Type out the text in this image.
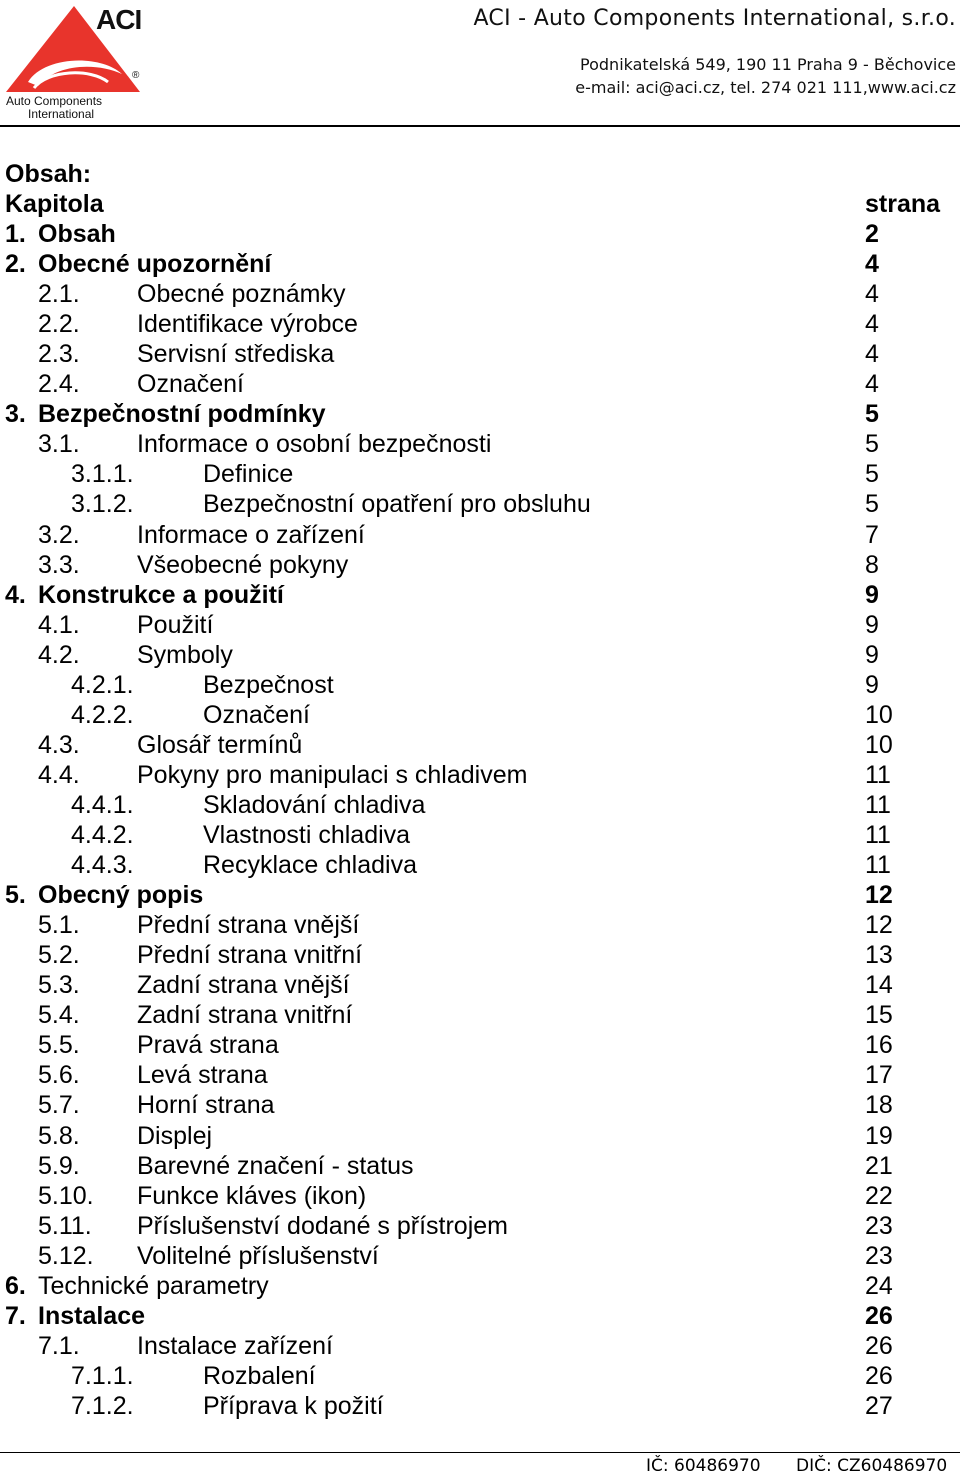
ACI
®
Auto Components
International
ACI - Auto Components International, s.r.o.
Podnikatelská 549, 190 11 Praha 9 - Běchovice
e-mail: aci@aci.cz, tel. 274 021 111,www.aci.cz
Obsah:
Kapitola	strana
1. Obsah	2
2. Obecné upozornění	4
2.1. Obecné poznámky	4
2.2. Identifikace výrobce	4
2.3. Servisní střediska	4
2.4. Označení	4
3. Bezpečnostní podmínky	5
3.1. Informace o osobní bezpečnosti	5
3.1.1.	Definice	5
3.1.2.	Bezpečnostní opatření pro obsluhu	5
3.2. Informace o zařízení	7
3.3. Všeobecné pokyny	8
4. Konstrukce a použití	9
4.1. Použití	9
4.2. Symboly	9
4.2.1.	Bezpečnost	9
4.2.2.	Označení	10
4.3. Glosář termínů	10
4.4. Pokyny pro manipulaci s chladivem	11
4.4.1.	Skladování chladiva	11
4.4.2.	Vlastnosti chladiva	11
4.4.3.	Recyklace chladiva	11
5. Obecný popis	12
5.1. Přední strana vnější	12
5.2. Přední strana vnitřní	13
5.3. Zadní strana vnější	14
5.4. Zadní strana vnitřní	15
5.5. Pravá strana	16
5.6. Levá strana	17
5.7. Horní strana	18
5.8. Displej	19
5.9. Barevné značení - status	21
5.10. Funkce kláves (ikon)	22
5.11. Příslušenství dodané s přístrojem	23
5.12. Volitelné příslušenství	23
6. Technické parametry	24
7. Instalace	26
7.1. Instalace zařízení	26
7.1.1.	Rozbalení	26
7.1.2.	Příprava k požití	27
IČ: 60486970 DIČ: CZ60486970
